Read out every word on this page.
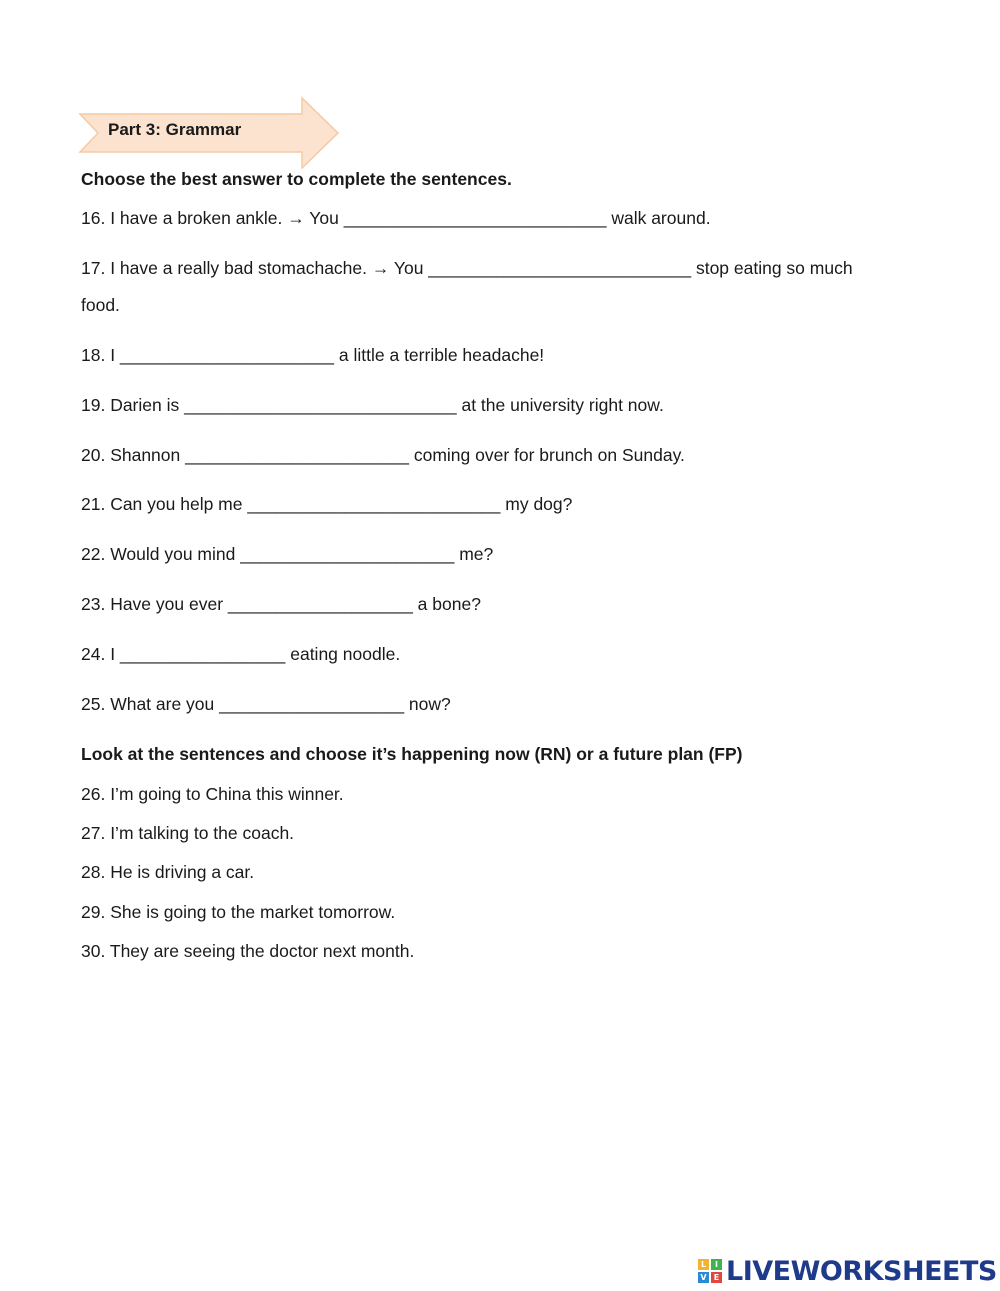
Part 3: Grammar

Choose the best answer to complete the sentences.

16. I have a broken ankle. → You ___________________________ walk around.

17. I have a really bad stomachache. → You ___________________________ stop eating so much

food.

18. I ______________________ a little a terrible headache!

19. Darien is ____________________________ at the university right now.

20. Shannon _______________________ coming over for brunch on Sunday.

21. Can you help me __________________________ my dog?

22. Would you mind ______________________ me?

23. Have you ever ___________________ a bone?

24. I _________________ eating noodle.

25. What are you ___________________ now?

Look at the sentences and choose it’s happening now (RN) or a future plan (FP)

26. I’m going to China this winner.

27. I’m talking to the coach.

28. He is driving a car.

29. She is going to the market tomorrow.

30. They are seeing the doctor next month.

L	I
V E LIVEWORKSHEETS
